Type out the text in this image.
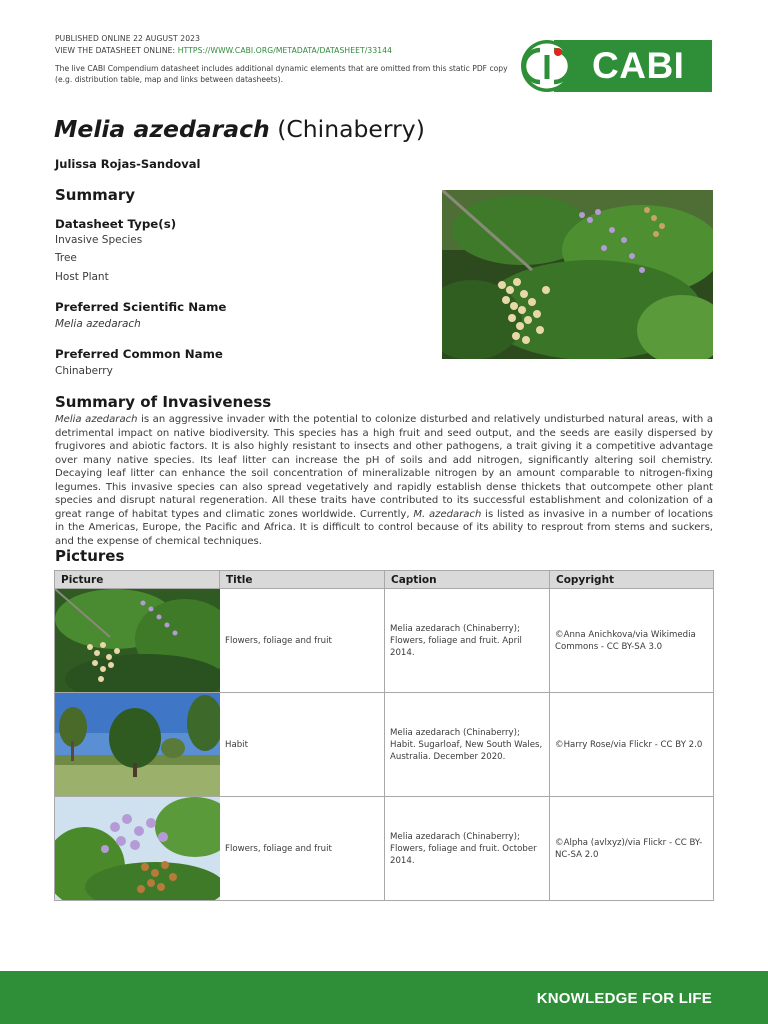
PUBLISHED ONLINE 22 AUGUST 2023
VIEW THE DATASHEET ONLINE: HTTPS://WWW.CABI.ORG/METADATA/DATASHEET/33144
The live CABI Compendium datasheet includes additional dynamic elements that are omitted from this static PDF copy (e.g. distribution table, map and links between datasheets).	CABI
Melia azedarach (Chinaberry)
Julissa Rojas-Sandoval
Summary
Datasheet Type(s)
Invasive Species
Tree
Host Plant
Preferred Scientific Name
Melia azedarach
Preferred Common Name
Chinaberry
Summary of Invasiveness
Melia azedarach is an aggressive invader with the potential to colonize disturbed and relatively undisturbed natural areas, with a detrimental impact on native biodiversity. This species has a high fruit and seed output, and the seeds are easily dispersed by frugivores and abiotic factors. It is also highly resistant to insects and other pathogens, a trait giving it a competitive advantage over many native species. Its leaf litter can increase the pH of soils and add nitrogen, significantly altering soil chemistry. Decaying leaf litter can enhance the soil concentration of mineralizable nitrogen by an amount comparable to nitrogen-fixing legumes. This invasive species can also spread vegetatively and rapidly establish dense thickets that outcompete other plant species and disrupt natural regeneration. All these traits have contributed to its successful establishment and colonization of a great range of habitat types and climatic zones worldwide. Currently, M. azedarach is listed as invasive in a number of locations in the Americas, Europe, the Pacific and Africa. It is difficult to control because of its ability to resprout from stems and suckers, and the expense of chemical techniques.
Pictures
Picture	Title	Caption	Copyright

	Flowers, foliage and fruit	Melia azedarach (Chinaberry); Flowers, foliage and fruit. April 2014.	©Anna Anichkova/via Wikimedia Commons - CC BY-SA 3.0

	Habit	Melia azedarach (Chinaberry); Habit. Sugarloaf, New South Wales, Australia. December 2020.	©Harry Rose/via Flickr - CC BY 2.0

	Flowers, foliage and fruit	Melia azedarach (Chinaberry); Flowers, foliage and fruit. October 2014.	©Alpha (avlxyz)/via Flickr - CC BY-NC-SA 2.0
KNOWLEDGE FOR LIFE
